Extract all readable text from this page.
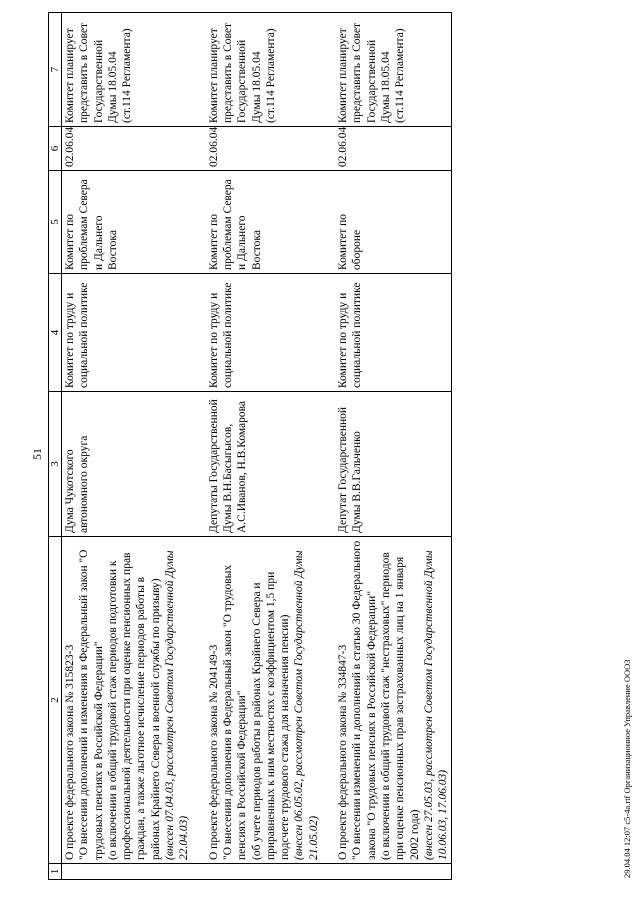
51
1	2	3	4	5	6	7

	О проекте федерального закона № 315823-3 "О внесении дополнений и изменения в Федеральный закон "О трудовых пенсиях в Российской Федерации" (о включении в общий трудовой стаж периодов подготовки к профессиональной деятельности при оценке пенсионных прав граждан, а также льготное исчисление периодов работы в районах Крайнего Севера и военной службы по призыву) (внесен 07.04.03, рассмотрен Советом Государственной Думы 22.04.03)	Дума Чукотского автономного округа	Комитет по труду и социальной политике	Комитет по проблемам Севера и Дальнего Востока	02.06.04	Комитет планирует представить в Совет Государственной Думы 18.05.04 (ст.114 Регламента)

	О проекте федерального закона № 204149-3 "О внесении дополнения в Федеральный закон "О трудовых пенсиях в Российской Федерации" (об учете периодов работы в районах Крайнего Севера и приравненных к ним местностях с коэффициентом 1,5 при подсчете трудового стажа для назначения пенсии) (внесен 06.05.02, рассмотрен Советом Государственной Думы 21.05.02)	Депутаты Государственной Думы В.Н.Басыгысов, А.С.Иванов, Н.В.Комарова	Комитет по труду и социальной политике	Комитет по проблемам Севера и Дальнего Востока	02.06.04	Комитет планирует представить в Совет Государственной Думы 18.05.04 (ст.114 Регламента)

	О проекте федерального закона № 334847-3 "О внесении изменений и дополнений в статью 30 Федерального закона "О трудовых пенсиях в Российской Федерации" (о включении в общий трудовой стаж "нестраховых" периодов при оценке пенсионных прав застрахованных лиц на 1 января 2002 года) (внесен 27.05.03, рассмотрен Советом Государственной Думы 10.06.03, 17.06.03)	Депутат Государственной Думы В.В.Гальченко	Комитет по труду и социальной политике	Комитет по обороне	02.06.04	Комитет планирует представить в Совет Государственной Думы 18.05.04 (ст.114 Регламента)
29.04.04 12:07 c5-4a.rtf Организационное Управление ООО3
